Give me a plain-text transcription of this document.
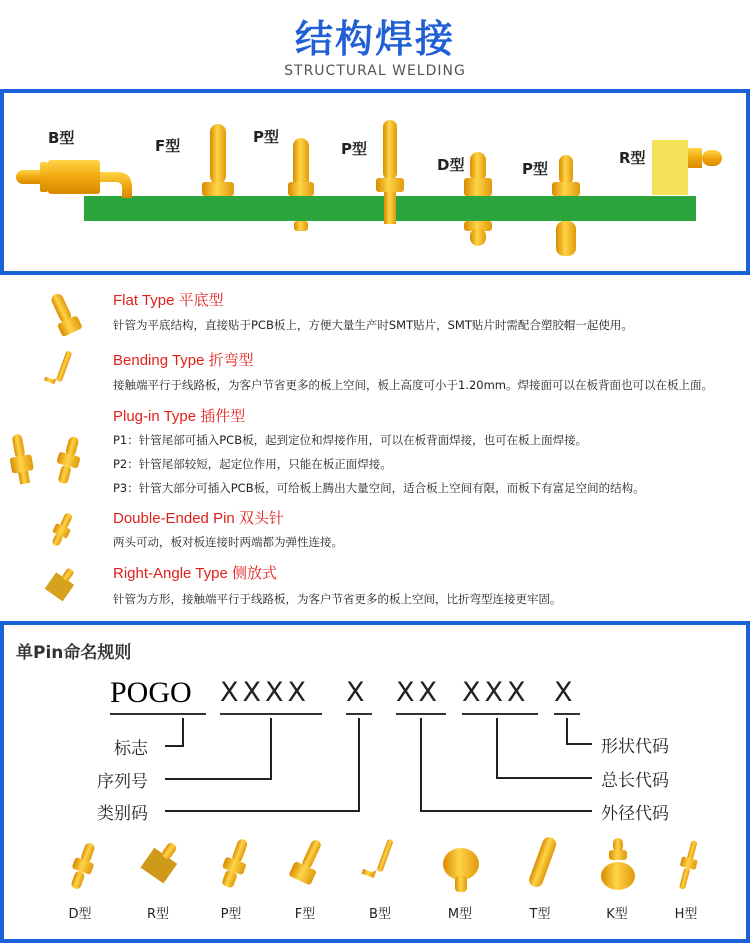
结构焊接
STRUCTURAL WELDING
B型	F型	P型
P型
D型	P型
R型
Flat Type 平底型
针管为平底结构，直接贴于PCB板上，方便大量生产时SMT贴片，SMT贴片时需配合塑胶帽一起使用。
Bending Type 折弯型
接触端平行于线路板，为客户节省更多的板上空间，板上高度可小于1.20mm。焊接面可以在板背面也可以在板上面。
Plug-in Type 插件型
P1：针管尾部可插入PCB板，起到定位和焊接作用，可以在板背面焊接，也可在板上面焊接。
P2：针管尾部较短，起定位作用，只能在板正面焊接。
P3：针管大部分可插入PCB板，可给板上腾出大量空间，适合板上空间有限，而板下有富足空间的结构。
Double-Ended Pin 双头针
两头可动，板对板连接时两端都为弹性连接。
Right-Angle Type 侧放式
针管为方形，接触端平行于线路板，为客户节省更多的板上空间，比折弯型连接更牢固。
单Pin命名规则
POGO XXXX X XX XXX X
标志
序列号
类别码
形状代码
总长代码
外径代码
D型	R型	P型	F型	B型	M型	T型	K型	H型
